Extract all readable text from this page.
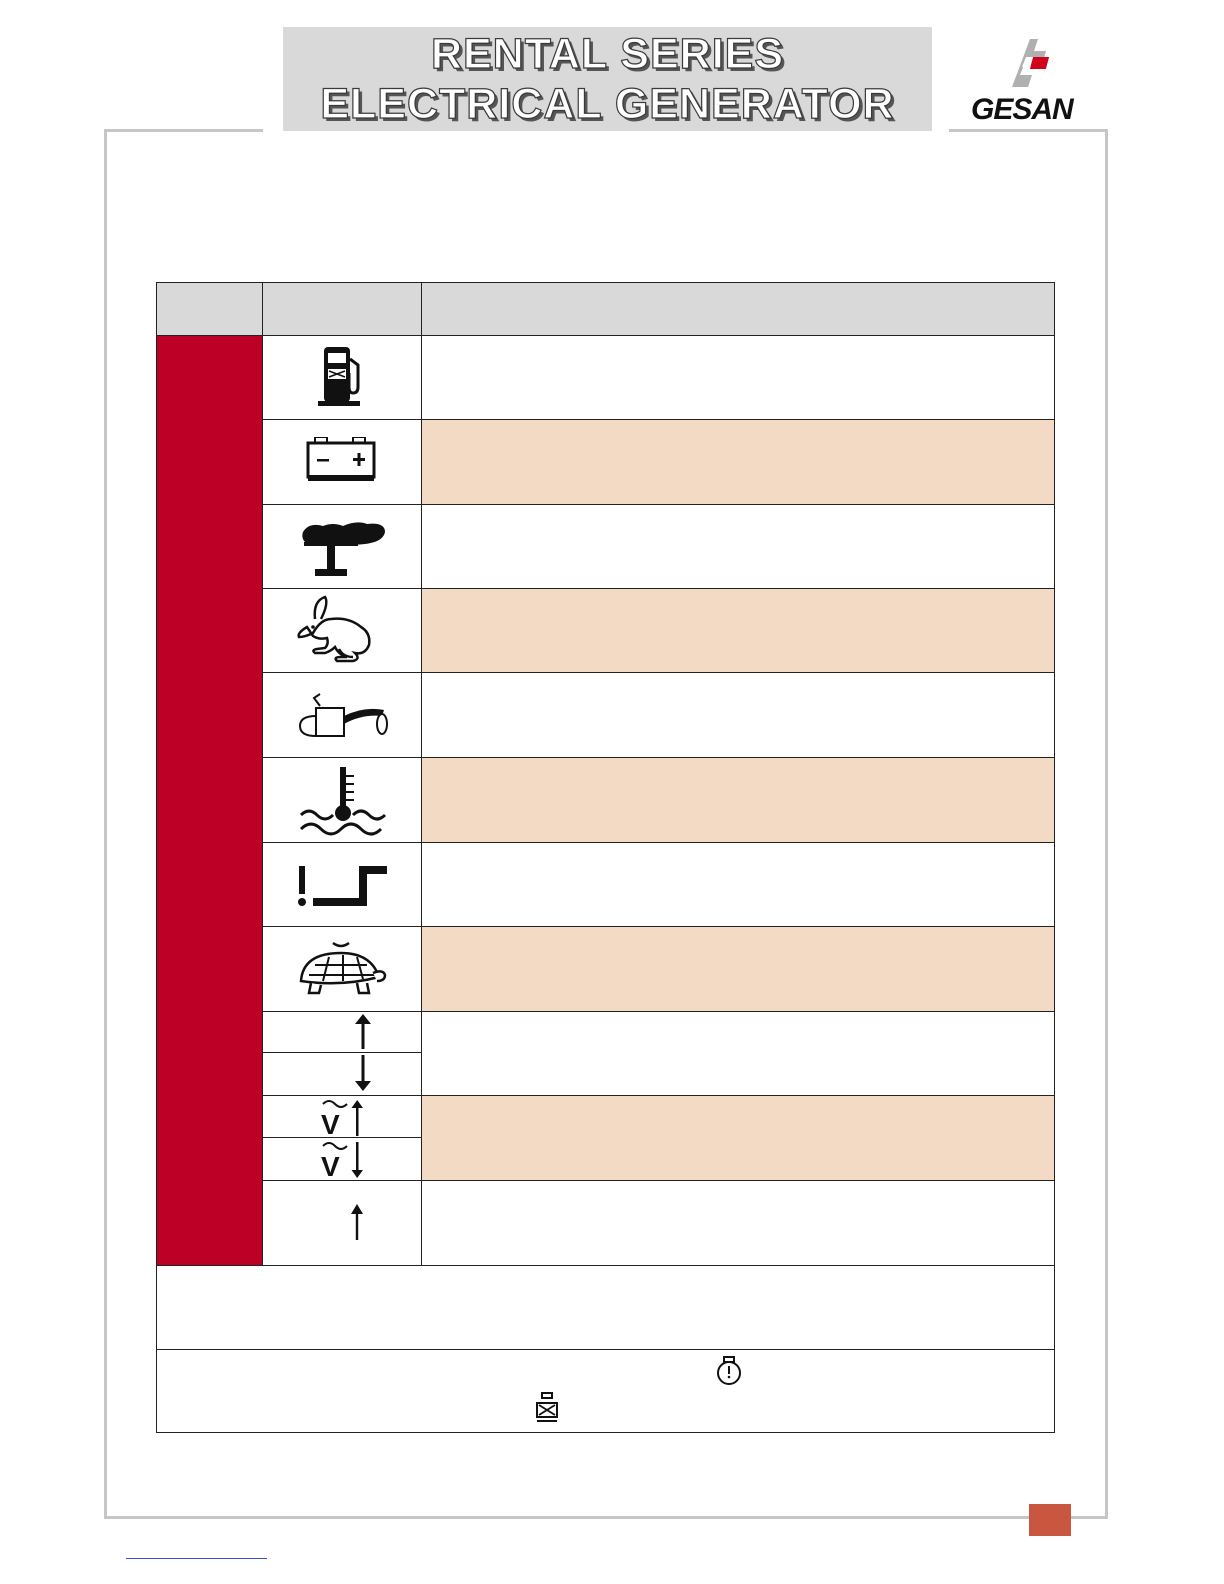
RENTAL SERIES
ELECTRICAL GENERATOR	GESAN
V
V
